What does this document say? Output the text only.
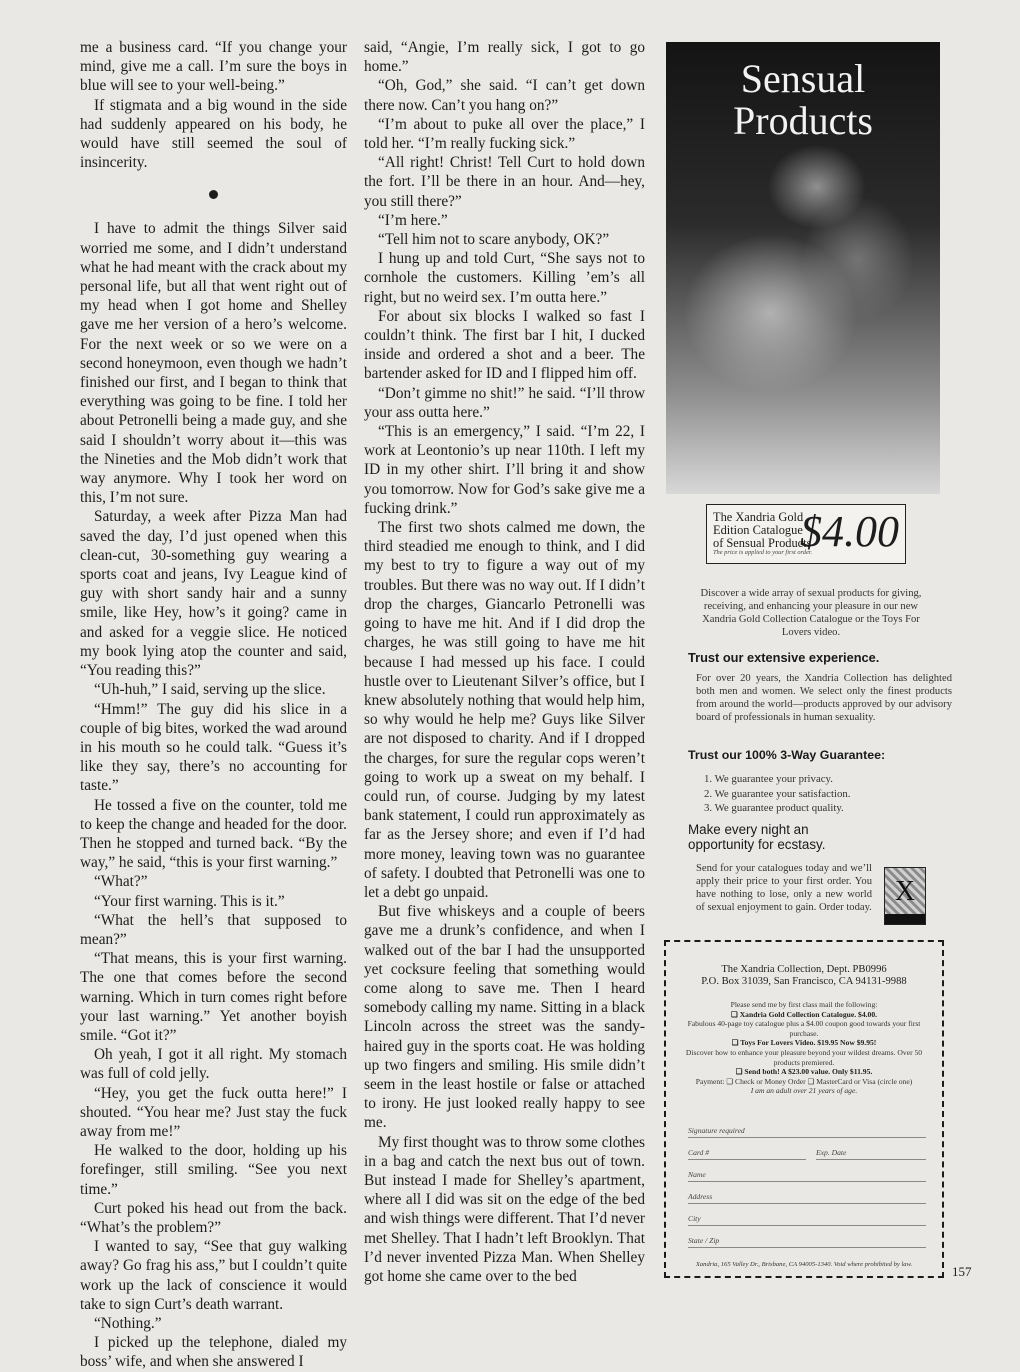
me a business card. “If you change your mind, give me a call. I’m sure the boys in blue will see to your well-being.”

If stigmata and a big wound in the side had suddenly appeared on his body, he would have still seemed the soul of insincerity.

I have to admit the things Silver said worried me some, and I didn’t understand what he had meant with the crack about my personal life, but all that went right out of my head when I got home and Shelley gave me her version of a hero’s welcome. For the next week or so we were on a second honeymoon, even though we hadn’t finished our first, and I began to think that everything was going to be fine. I told her about Petronelli being a made guy, and she said I shouldn’t worry about it—this was the Nineties and the Mob didn’t work that way anymore. Why I took her word on this, I’m not sure.

Saturday, a week after Pizza Man had saved the day, I’d just opened when this clean-cut, 30-something guy wearing a sports coat and jeans, Ivy League kind of guy with short sandy hair and a sunny smile, like Hey, how’s it going? came in and asked for a veggie slice. He noticed my book lying atop the counter and said, “You reading this?”

“Uh-huh,” I said, serving up the slice.

“Hmm!” The guy did his slice in a couple of big bites, worked the wad around in his mouth so he could talk. “Guess it’s like they say, there’s no accounting for taste.”

He tossed a five on the counter, told me to keep the change and headed for the door. Then he stopped and turned back. “By the way,” he said, “this is your first warning.”

“What?”

“Your first warning. This is it.”

“What the hell’s that supposed to mean?”

“That means, this is your first warning. The one that comes before the second warning. Which in turn comes right before your last warning.” Yet another boyish smile. “Got it?”

Oh yeah, I got it all right. My stomach was full of cold jelly.

“Hey, you get the fuck outta here!” I shouted. “You hear me? Just stay the fuck away from me!”

He walked to the door, holding up his forefinger, still smiling. “See you next time.”

Curt poked his head out from the back. “What’s the problem?”

I wanted to say, “See that guy walking away? Go frag his ass,” but I couldn’t quite work up the lack of conscience it would take to sign Curt’s death warrant.

“Nothing.”

I picked up the telephone, dialed my boss’ wife, and when she answered I

said, “Angie, I’m really sick, I got to go home.”

“Oh, God,” she said. “I can’t get down there now. Can’t you hang on?”

“I’m about to puke all over the place,” I told her. “I’m really fucking sick.”

“All right! Christ! Tell Curt to hold down the fort. I’ll be there in an hour. And—hey, you still there?”

“I’m here.”

“Tell him not to scare anybody, OK?”

I hung up and told Curt, “She says not to cornhole the customers. Killing ’em’s all right, but no weird sex. I’m outta here.”

For about six blocks I walked so fast I couldn’t think. The first bar I hit, I ducked inside and ordered a shot and a beer. The bartender asked for ID and I flipped him off.

“Don’t gimme no shit!” he said. “I’ll throw your ass outta here.”

“This is an emergency,” I said. “I’m 22, I work at Leontonio’s up near 110th. I left my ID in my other shirt. I’ll bring it and show you tomorrow. Now for God’s sake give me a fucking drink.”

The first two shots calmed me down, the third steadied me enough to think, and I did my best to try to figure a way out of my troubles. But there was no way out. If I didn’t drop the charges, Giancarlo Petronelli was going to have me hit. And if I did drop the charges, he was still going to have me hit because I had messed up his face. I could hustle over to Lieutenant Silver’s office, but I knew absolutely nothing that would help him, so why would he help me? Guys like Silver are not disposed to charity. And if I dropped the charges, for sure the regular cops weren’t going to work up a sweat on my behalf. I could run, of course. Judging by my latest bank statement, I could run approximately as far as the Jersey shore; and even if I’d had more money, leaving town was no guarantee of safety. I doubted that Petronelli was one to let a debt go unpaid.

But five whiskeys and a couple of beers gave me a drunk’s confidence, and when I walked out of the bar I had the unsupported yet cocksure feeling that something would come along to save me. Then I heard somebody calling my name. Sitting in a black Lincoln across the street was the sandy-haired guy in the sports coat. He was holding up two fingers and smiling. His smile didn’t seem in the least hostile or false or attached to irony. He just looked really happy to see me.

My first thought was to throw some clothes in a bag and catch the next bus out of town. But instead I made for Shelley’s apartment, where all I did was sit on the edge of the bed and wish things were different. That I’d never met Shelley. That I hadn’t left Brooklyn. That I’d never invented Pizza Man. When Shelley got home she came over to the bed

Sensual
Products
The Xandria Gold
Edition Catalogue
of Sensual Products
The price is applied to your first order.
$4.00
Discover a wide array of sexual products for giving, receiving, and enhancing your pleasure in our new Xandria Gold Collection Catalogue or the Toys For Lovers video.
Trust our extensive experience.
For over 20 years, the Xandria Collection has delighted both men and women. We select only the finest products from around the world—products approved by our advisory board of professionals in human sexuality.
Trust our 100% 3-Way Guarantee:
1. We guarantee your privacy.
2. We guarantee your satisfaction.
3. We guarantee product quality.
Make every night an
opportunity for ecstasy.
Send for your catalogues today and we’ll apply their price to your first order. You have nothing to lose, only a new world of sexual enjoyment to gain. Order today.
X
The Xandria Collection, Dept. PB0996
P.O. Box 31039, San Francisco, CA 94131-9988
Please send me by first class mail the following:
❑ Xandria Gold Collection Catalogue. $4.00.
Fabulous 40-page toy catalogue plus a $4.00 coupon good towards your first purchase.
❑ Toys For Lovers Video. $19.95 Now $9.95!
Discover how to enhance your pleasure beyond your wildest dreams. Over 50 products premiered.
❑ Send both! A $23.00 value. Only $11.95.
Payment: ❑ Check or Money Order ❑ MasterCard or Visa (circle one)
I am an adult over 21 years of age.
Signature required
Card #	Exp. Date
Name
Address
City
State / Zip
Xandria, 165 Valley Dr., Brisbane, CA 94005-1340. Void where prohibited by law.	157
